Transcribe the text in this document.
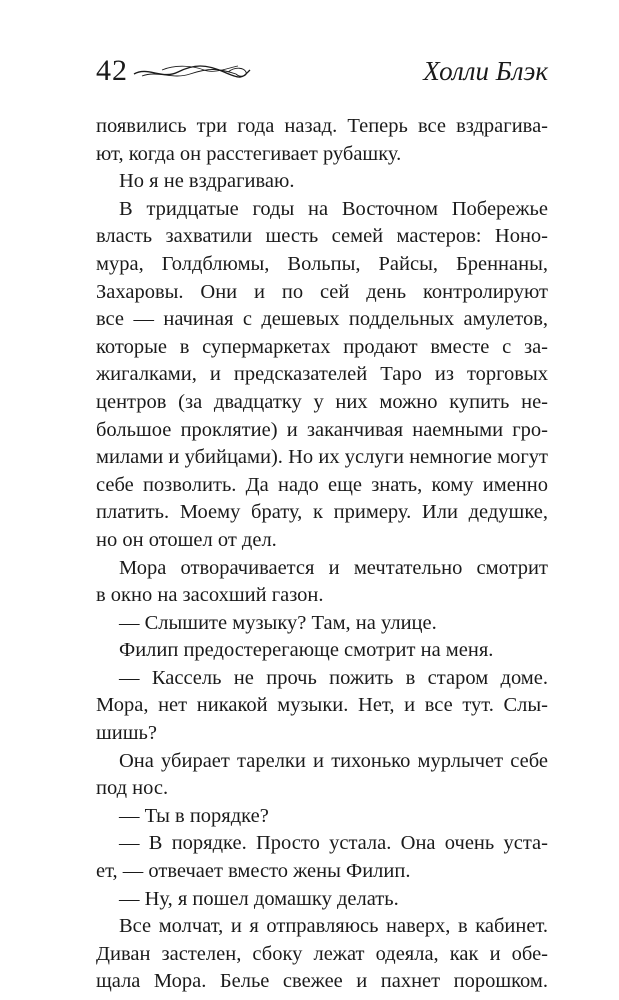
42	Холли Блэк
появились три года назад. Теперь все вздрагива-
ют, когда он расстегивает рубашку.
Но я не вздрагиваю.
В тридцатые годы на Восточном Побережье
власть захватили шесть семей мастеров: Ноно-
мура, Голдблюмы, Вольпы, Райсы, Бреннаны,
Захаровы. Они и по сей день контролируют
все — начиная с дешевых поддельных амулетов,
которые в супермаркетах продают вместе с за-
жигалками, и предсказателей Таро из торговых
центров (за двадцатку у них можно купить не-
большое проклятие) и заканчивая наемными гро-
милами и убийцами). Но их услуги немногие могут
себе позволить. Да надо еще знать, кому именно
платить. Моему брату, к примеру. Или дедушке,
но он отошел от дел.
Мора отворачивается и мечтательно смотрит
в окно на засохший газон.
— Слышите музыку? Там, на улице.
Филип предостерегающе смотрит на меня.
— Кассель не прочь пожить в старом доме.
Мора, нет никакой музыки. Нет, и все тут. Слы-
шишь?
Она убирает тарелки и тихонько мурлычет себе
под нос.
— Ты в порядке?
— В порядке. Просто устала. Она очень уста-
ет, — отвечает вместо жены Филип.
— Ну, я пошел домашку делать.
Все молчат, и я отправляюсь наверх, в кабинет.
Диван застелен, сбоку лежат одеяла, как и обе-
щала Мора. Белье свежее и пахнет порошком.
